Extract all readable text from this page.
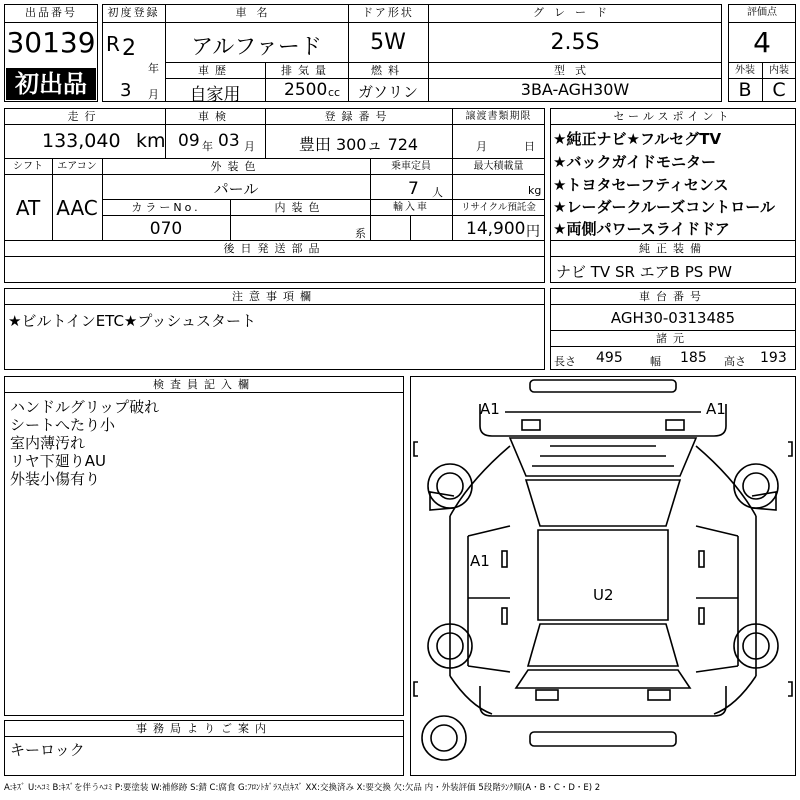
出品番号
30139
初出品
初度登録
R 2
年
3 月
車名
アルファード
ドア形状
5W
グレード
2.5S
車歴
自家用
排気量
2500 cc
燃料
ガソリン
型式
3BA-AGH30W
評価点
4
外装	内装
B	C
走行
133,040 km
車検
09 年 03 月
登録番号
豊田 300ュ 724
譲渡書類期限
月	日
シフト
AT
エアコン
AAC
外装色
パール
乗車定員
7 人
最大積載量
kg
カラーNo.
070
内装色
系
輸入車	リサイクル預託金
14,900 円
後日発送部品
セールスポイント
★純正ナビ★フルセグTV
★バックガイドモニター
★トヨタセーフティセンス
★レーダークルーズコントロール
★両側パワースライドドア
純正装備
ナビ TV SR エアB PS PW
注意事項欄
★ビルトインETC★プッシュスタート
車台番号
AGH30-0313485
諸元
長さ 495 幅 185 高さ 193
検査員記入欄
ハンドルグリップ破れ
シートへたり小
室内薄汚れ
リヤ下廻りAU
外装小傷有り
事務局よりご案内
キーロック
A1	A1
A1
U2
A:ｷｽﾞ U:ﾍｺﾐ B:ｷｽﾞを伴うﾍｺﾐ P:要塗装 W:補修跡 S:錆 C:腐食 G:ﾌﾛﾝﾄｶﾞﾗｽ点ｷｽﾞ XX:交換済み X:要交換 欠:欠品 内・外装評価 5段階ﾗﾝｸ順(A・B・C・D・E) 2
